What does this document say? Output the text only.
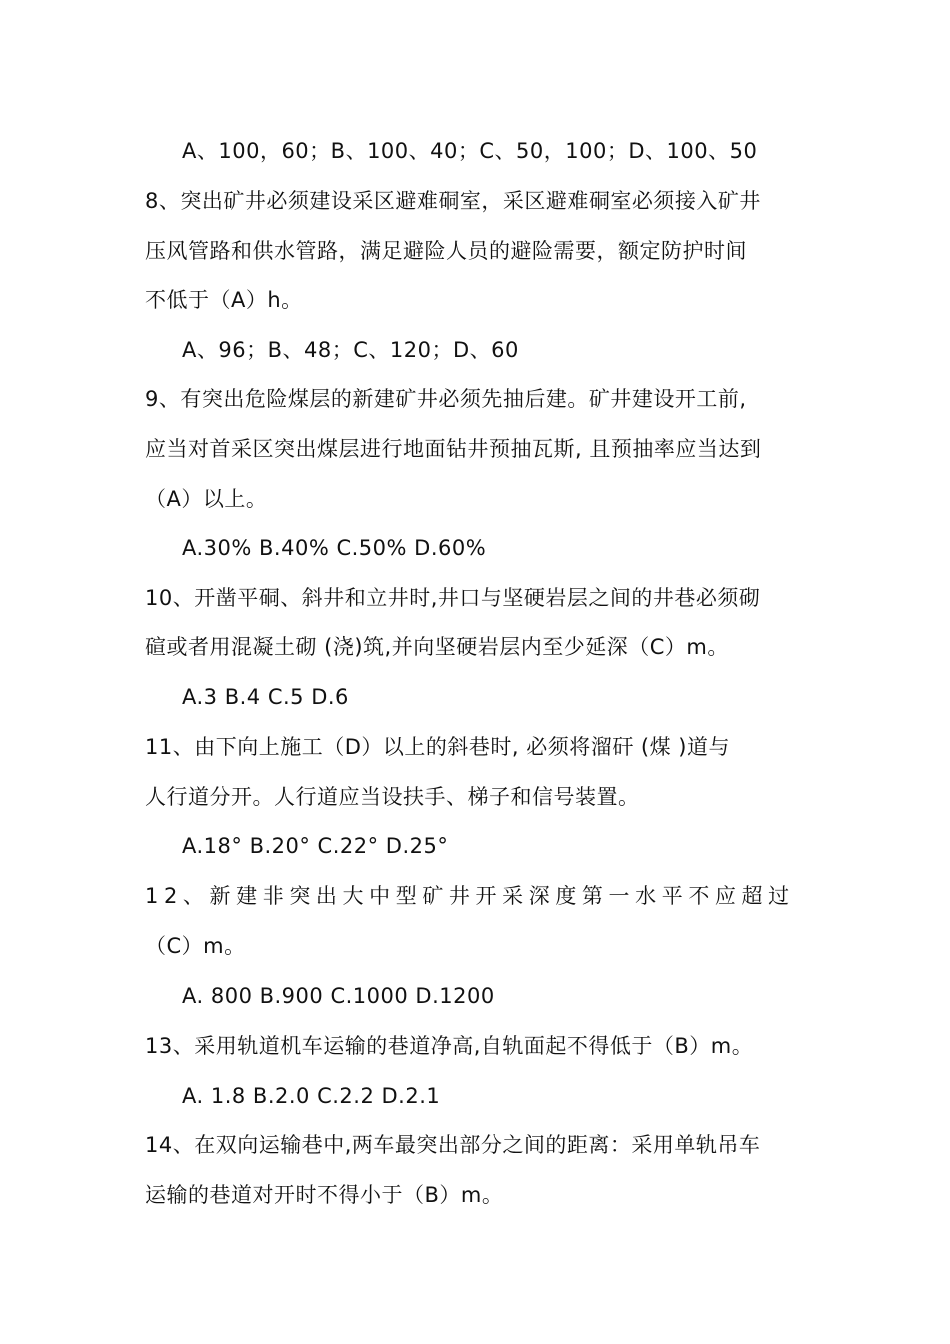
A、100，60；B、100、40；C、50，100；D、100、50
8、突出矿井必须建设采区避难硐室，采区避难硐室必须接入矿井
压风管路和供水管路，满足避险人员的避险需要，额定防护时间
不低于（A）h。
A、96；B、48；C、120；D、60
9、有突出危险煤层的新建矿井必须先抽后建。矿井建设开工前,
应当对首采区突出煤层进行地面钻井预抽瓦斯, 且预抽率应当达到
（A）以上。
A.30% B.40% C.50% D.60%
10、开凿平硐、斜井和立井时,井口与坚硬岩层之间的井巷必须砌
碹或者用混凝土砌 (浇)筑,并向坚硬岩层内至少延深（C）m。
A.3 B.4 C.5 D.6
11、由下向上施工（D）以上的斜巷时, 必须将溜矸 (煤 )道与
人行道分开。人行道应当设扶手、梯子和信号装置。
A.18° B.20° C.22° D.25°
12、新建非突出大中型矿井开采深度第一水平不应超过
（C）m。
A. 800 B.900 C.1000 D.1200
13、采用轨道机车运输的巷道净高,自轨面起不得低于（B）m。
A. 1.8 B.2.0 C.2.2 D.2.1
14、在双向运输巷中,两车最突出部分之间的距离：采用单轨吊车
运输的巷道对开时不得小于（B）m。
